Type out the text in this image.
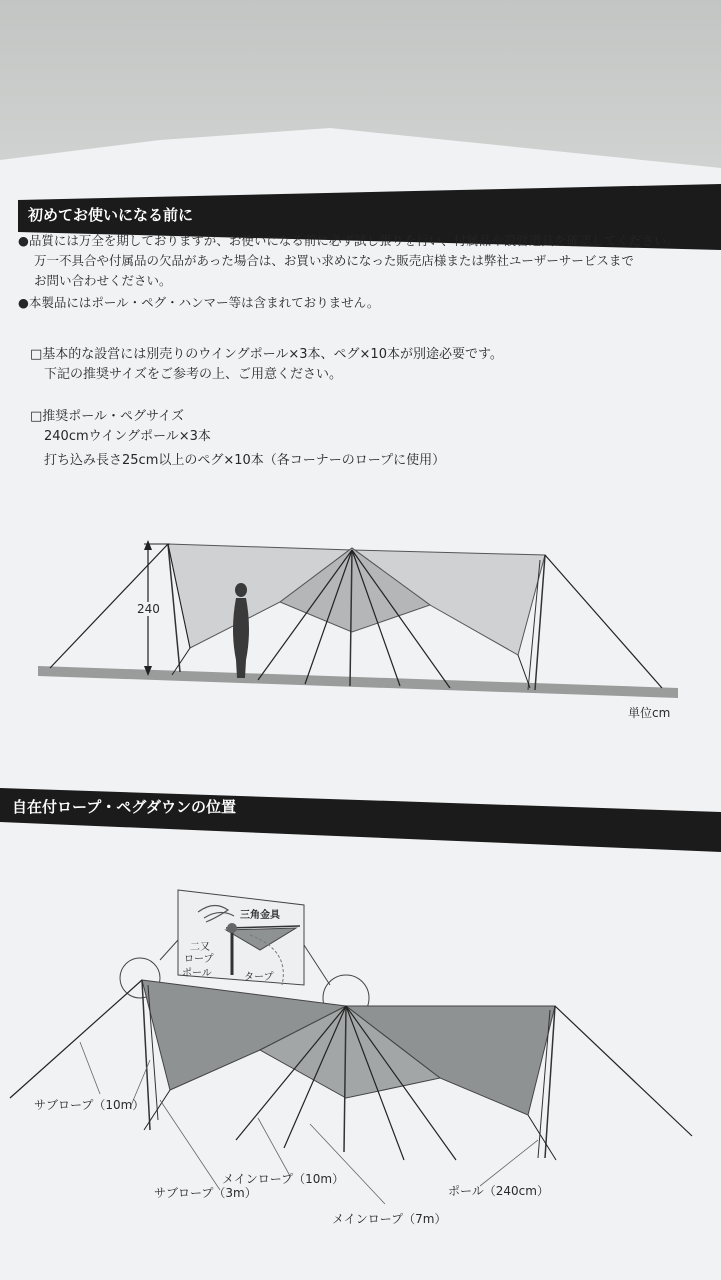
初めてお使いになる前に
●品質には万全を期しておりますが、お使いになる前に必ず試し張りを行い、付属品や設営道具を確認してください。
万一不具合や付属品の欠品があった場合は、お買い求めになった販売店様または弊社ユーザーサービスまで
お問い合わせください。
●本製品にはポール・ペグ・ハンマー等は含まれておりません。
□基本的な設営には別売りのウイングポール×3本、ペグ×10本が別途必要です。
下記の推奨サイズをご参考の上、ご用意ください。
□推奨ポール・ペグサイズ
240cmウイングポール×3本
打ち込み長さ25cm以上のペグ×10本（各コーナーのロープに使用）
240
単位cm
自在付ロープ・ペグダウンの位置
三角金具
二又
ロープ
ポール	タープ
サブロープ（10m）
メインロープ（10m）
サブロープ（3m）
メインロープ（7m）
ポール（240cm）
